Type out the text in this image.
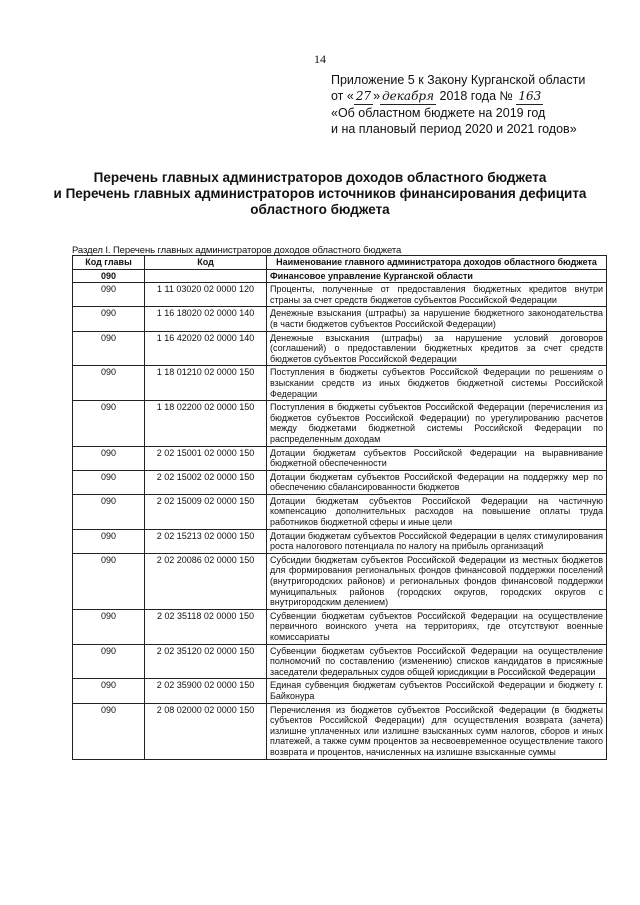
14
Приложение 5 к Закону Курганской области
от « 27 » декабря 2018 года № 163
«Об областном бюджете на 2019 год
и на плановый период 2020 и 2021 годов»
Перечень главных администраторов доходов областного бюджета
и Перечень главных администраторов источников финансирования дефицита
областного бюджета
Раздел I. Перечень главных администраторов доходов областного бюджета
Код главы	Код	Наименование главного администратора доходов областного бюджета
090		Финансовое управление Курганской области
090	1 11 03020 02 0000 120	Проценты, полученные от предоставления бюджетных кредитов внутри страны за счет средств бюджетов субъектов Российской Федерации
090	1 16 18020 02 0000 140	Денежные взыскания (штрафы) за нарушение бюджетного законодательства (в части бюджетов субъектов Российской Федерации)
090	1 16 42020 02 0000 140	Денежные взыскания (штрафы) за нарушение условий договоров (соглашений) о предоставлении бюджетных кредитов за счет средств бюджетов субъектов Российской Федерации
090	1 18 01210 02 0000 150	Поступления в бюджеты субъектов Российской Федерации по решениям о взыскании средств из иных бюджетов бюджетной системы Российской Федерации
090	1 18 02200 02 0000 150	Поступления в бюджеты субъектов Российской Федерации (перечисления из бюджетов субъектов Российской Федерации) по урегулированию расчетов между бюджетами бюджетной системы Российской Федерации по распределенным доходам
090	2 02 15001 02 0000 150	Дотации бюджетам субъектов Российской Федерации на выравнивание бюджетной обеспеченности
090	2 02 15002 02 0000 150	Дотации бюджетам субъектов Российской Федерации на поддержку мер по обеспечению сбалансированности бюджетов
090	2 02 15009 02 0000 150	Дотации бюджетам субъектов Российской Федерации на частичную компенсацию дополнительных расходов на повышение оплаты труда работников бюджетной сферы и иные цели
090	2 02 15213 02 0000 150	Дотации бюджетам субъектов Российской Федерации в целях стимулирования роста налогового потенциала по налогу на прибыль организаций
090	2 02 20086 02 0000 150	Субсидии бюджетам субъектов Российской Федерации из местных бюджетов для формирования региональных фондов финансовой поддержки поселений (внутригородских районов) и региональных фондов финансовой поддержки муниципальных районов (городских округов, городских округов с внутригородским делением)
090	2 02 35118 02 0000 150	Субвенции бюджетам субъектов Российской Федерации на осуществление первичного воинского учета на территориях, где отсутствуют военные комиссариаты
090	2 02 35120 02 0000 150	Субвенции бюджетам субъектов Российской Федерации на осуществление полномочий по составлению (изменению) списков кандидатов в присяжные заседатели федеральных судов общей юрисдикции в Российской Федерации
090	2 02 35900 02 0000 150	Единая субвенция бюджетам субъектов Российской Федерации и бюджету г. Байконура
090	2 08 02000 02 0000 150	Перечисления из бюджетов субъектов Российской Федерации (в бюджеты субъектов Российской Федерации) для осуществления возврата (зачета) излишне уплаченных или излишне взысканных сумм налогов, сборов и иных платежей, а также сумм процентов за несвоевременное осуществление такого возврата и процентов, начисленных на излишне взысканные суммы
